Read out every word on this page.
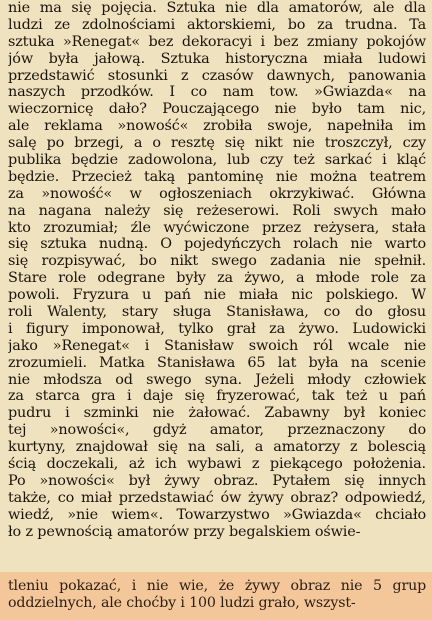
nie ma się pojęcia. Sztuka nie dla amatorów, ale dla
ludzi ze zdolnościami aktorskiemi, bo za trudna. Ta
sztuka »Renegat« bez dekoracyi i bez zmiany pokojów
jów była jałową. Sztuka historyczna miała ludowi
przedstawić stosunki z czasów dawnych, panowania
naszych przodków. I co nam tow. »Gwiazda« na
wieczornicę dało? Pouczającego nie było tam nic,
ale reklama »nowość« zrobiła swoje, napełniła im
salę po brzegi, a o resztę się nikt nie troszczył, czy
publika będzie zadowolona, lub czy też sarkać i kląć
będzie. Przecież taką pantominę nie można teatrem
za »nowość« w ogłoszeniach okrzykiwać. Główna
na nagana należy się reżeserowi. Roli swych mało
kto zrozumiał; źle wyćwiczone przez reżysera, stała
się sztuka nudną. O pojedyńczych rolach nie warto
się rozpisywać, bo nikt swego zadania nie spełnił.
Stare role odegrane były za żywo, a młode role za
powoli. Fryzura u pań nie miała nic polskiego. W
roli Walenty, stary sługa Stanisława, co do głosu
i figury imponował, tylko grał za żywo. Ludowicki
jako »Renegat« i Stanisław swoich ról wcale nie
zrozumieli. Matka Stanisława 65 lat była na scenie
nie młodsza od swego syna. Jeżeli młody człowiek
za starca gra i daje się fryzerować, tak też u pań
pudru i szminki nie żałować. Zabawny był koniec
tej »nowości«, gdyż amator, przeznaczony do
kurtyny, znajdował się na sali, a amatorzy z bolescią
ścią doczekali, aż ich wybawi z piekącego położenia.
Po »nowości« był żywy obraz. Pytałem się innych
także, co miał przedstawiać ów żywy obraz? odpowiedź,
wiedź, »nie wiem«. Towarzystwo »Gwiazda« chciało
ło z pewnością amatorów przy begalskiem oświe-
tleniu pokazać, i nie wie, że żywy obraz nie 5 grup
oddzielnych, ale choćby i 100 ludzi grało, wszyst-
